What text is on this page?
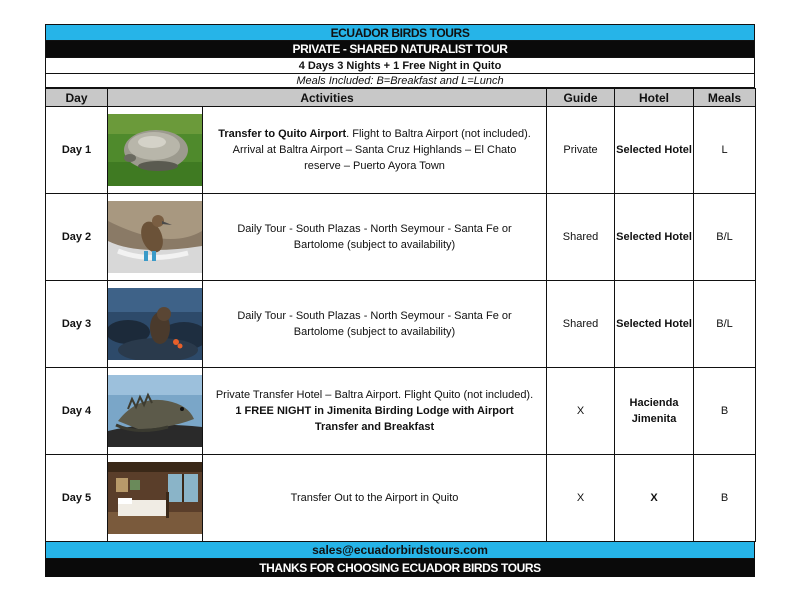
ECUADOR BIRDS TOURS
PRIVATE - SHARED NATURALIST TOUR
4 Days 3 Nights + 1 Free Night in Quito
Meals Included: B=Breakfast and L=Lunch
Day	Activities		Guide	Hotel	Meals
Day 1		Transfer to Quito Airport. Flight to Baltra Airport (not included). Arrival at Baltra Airport – Santa Cruz Highlands – El Chato reserve – Puerto Ayora Town	Private	Selected Hotel	L
Day 2		Daily Tour - South Plazas - North Seymour - Santa Fe or Bartolome (subject to availability)	Shared	Selected Hotel	B/L
Day 3		Daily Tour - South Plazas - North Seymour - Santa Fe or Bartolome (subject to availability)	Shared	Selected Hotel	B/L
Day 4		Private Transfer Hotel – Baltra Airport. Flight Quito (not included).
1 FREE NIGHT in Jimenita Birding Lodge with Airport Transfer and Breakfast	X	Hacienda Jimenita	B
Day 5		Transfer Out to the Airport in Quito	X	X	B
sales@ecuadorbirdstours.com
THANKS FOR CHOOSING ECUADOR BIRDS TOURS
